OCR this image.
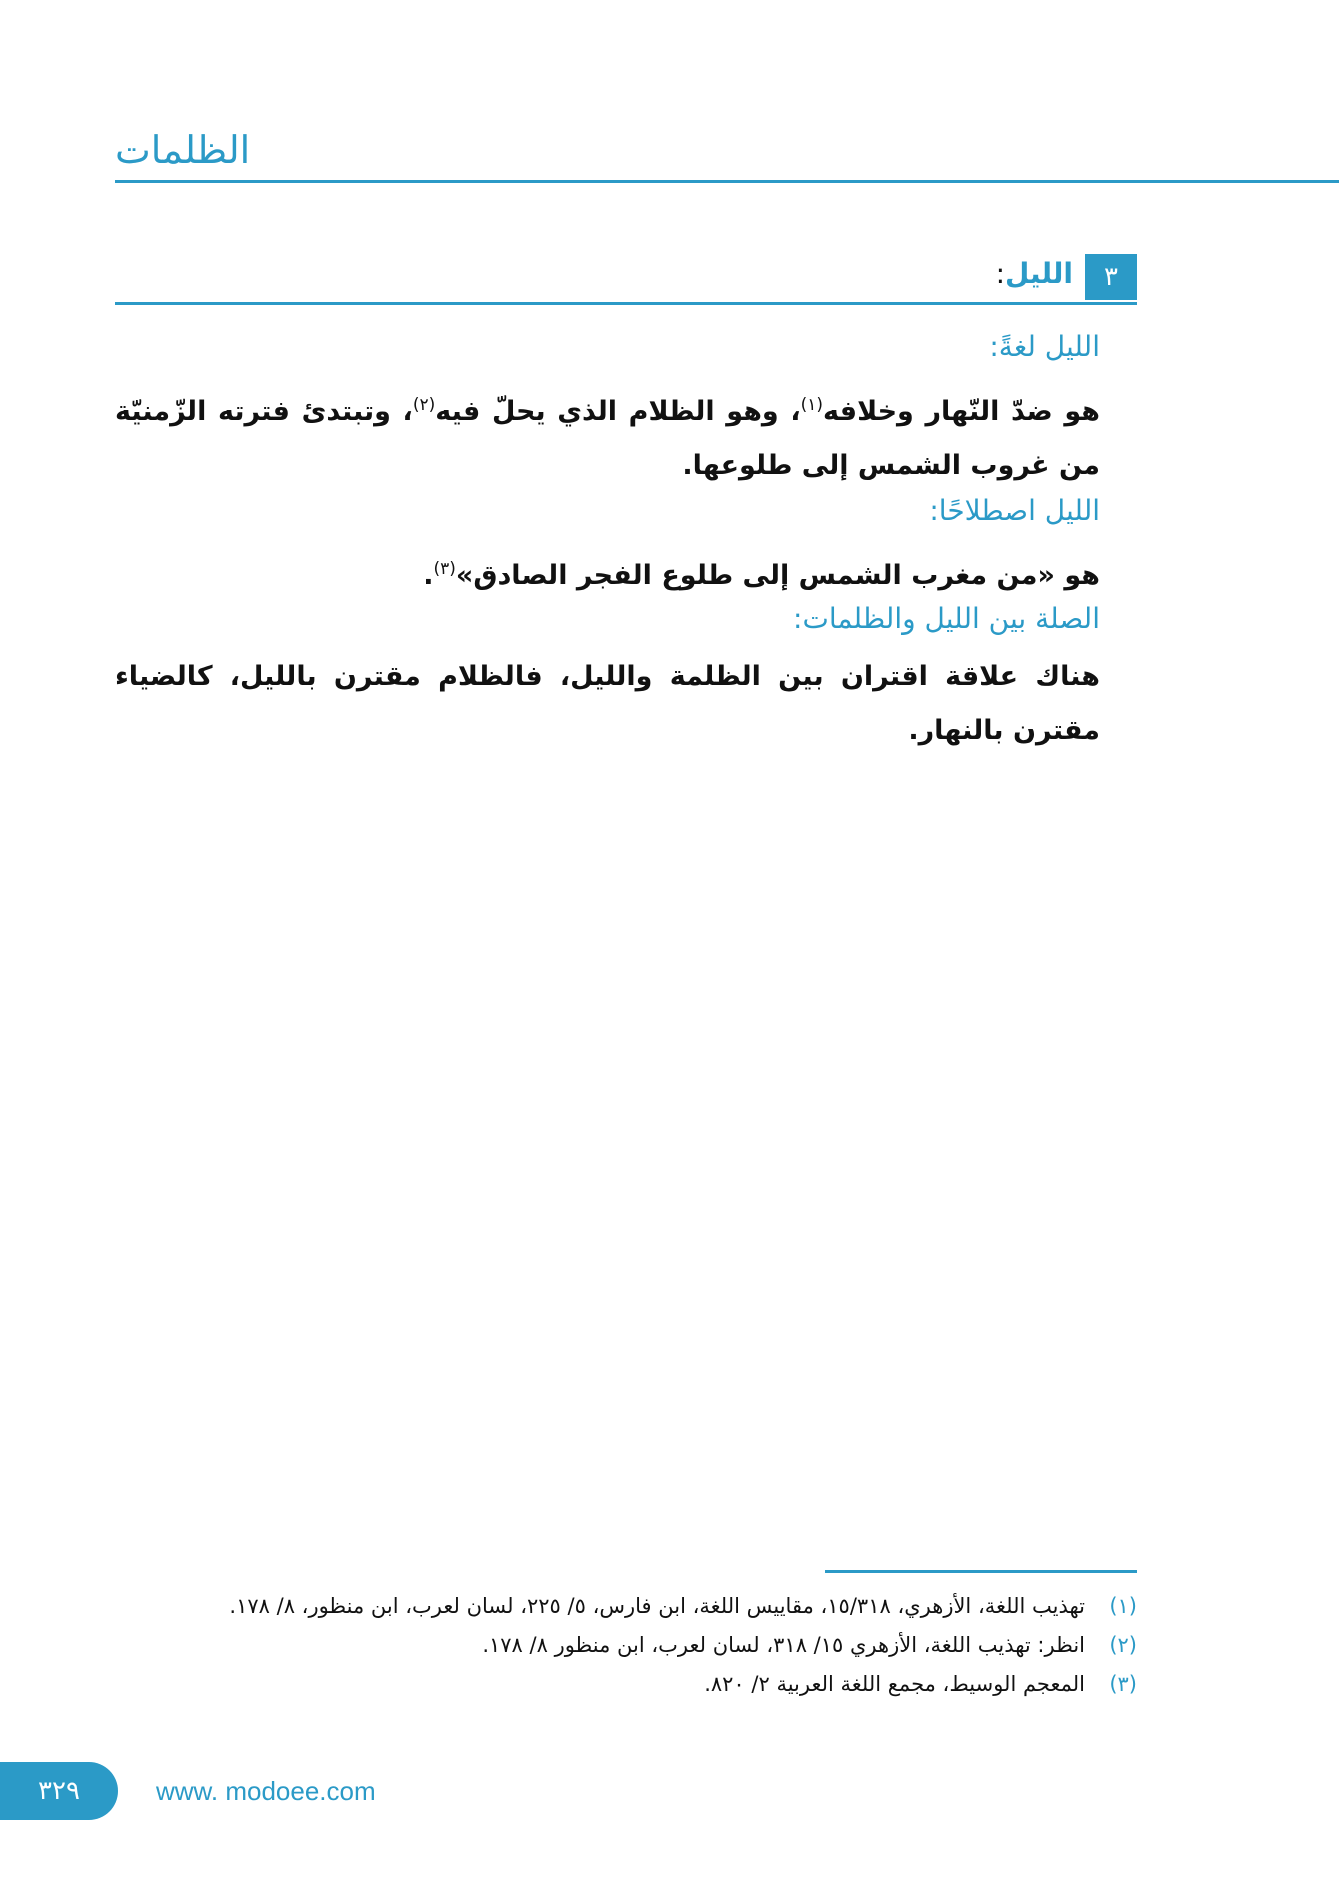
الظلمات
٣
الليل:
الليل لغةً:

هو ضدّ النّهار وخلافه$^{(١)}$، وهو الظلام الذي يحلّ فيه$^{(٢)}$، وتبتدئ فترته الزّمنيّة من غروب الشمس إلى طلوعها.

الليل اصطلاحًا:

هو «من مغرب الشمس إلى طلوع الفجر الصادق»$^{(٣)}$.

الصلة بين الليل والظلمات:

هناك علاقة اقتران بين الظلمة والليل، فالظلام مقترن بالليل، كالضياء مقترن بالنهار.

(١)
تهذيب اللغة، الأزهري، ١٥/٣١٨، مقاييس اللغة، ابن فارس، ٥/ ٢٢٥، لسان لعرب، ابن منظور، ٨/ ١٧٨.
(٢)
انظر: تهذيب اللغة، الأزهري ١٥/ ٣١٨، لسان لعرب، ابن منظور ٨/ ١٧٨.
(٣)
المعجم الوسيط، مجمع اللغة العربية ٢/ ٨٢٠.
٣٢٩	www. modoee.com
